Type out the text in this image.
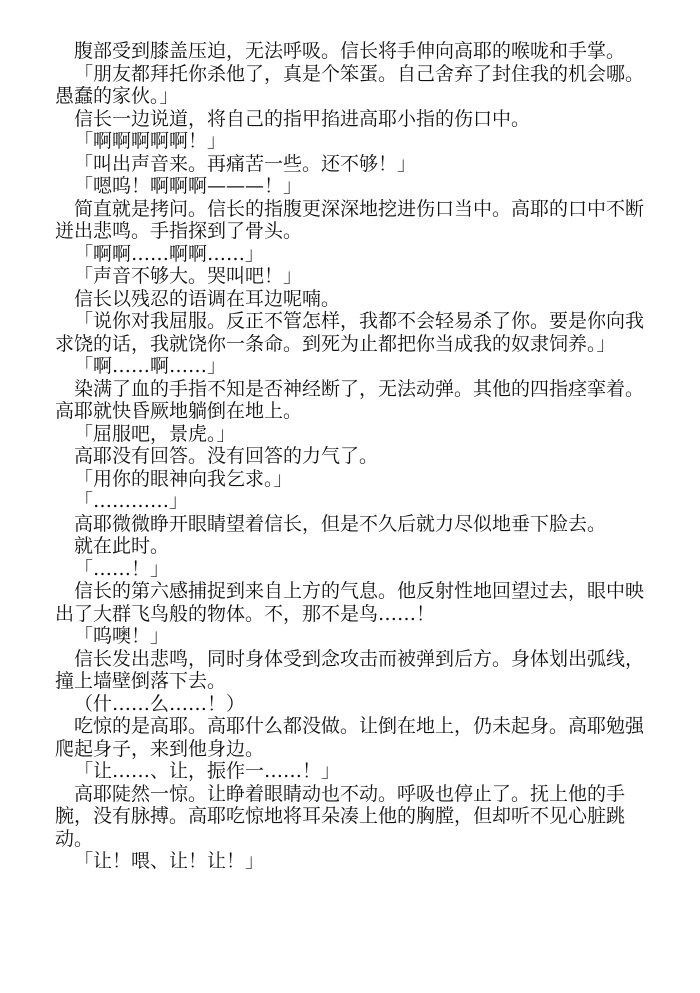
腹部受到膝盖压迫，无法呼吸。信长将手伸向高耶的喉咙和手掌。

「朋友都拜托你杀他了，真是个笨蛋。自己舍弃了封住我的机会哪。愚蠢的家伙。」

信长一边说道，将自己的指甲掐进高耶小指的伤口中。

「啊啊啊啊啊！」

「叫出声音来。再痛苦一些。还不够！」

「嗯呜！啊啊啊———！」

简直就是拷问。信长的指腹更深深地挖进伤口当中。高耶的口中不断迸出悲鸣。手指探到了骨头。

「啊啊……啊啊……」

「声音不够大。哭叫吧！」

信长以残忍的语调在耳边呢喃。

「说你对我屈服。反正不管怎样，我都不会轻易杀了你。要是你向我求饶的话，我就饶你一条命。到死为止都把你当成我的奴隶饲养。」

「啊……啊……」

染满了血的手指不知是否神经断了，无法动弹。其他的四指痉挛着。高耶就快昏厥地躺倒在地上。

「屈服吧，景虎。」

高耶没有回答。没有回答的力气了。

「用你的眼神向我乞求。」

「…………」

高耶微微睁开眼睛望着信长，但是不久后就力尽似地垂下脸去。

就在此时。

「……！」

信长的第六感捕捉到来自上方的气息。他反射性地回望过去，眼中映出了大群飞鸟般的物体。不，那不是鸟……！

「呜噢！」

信长发出悲鸣，同时身体受到念攻击而被弹到后方。身体划出弧线，撞上墙壁倒落下去。

（什……么……！）

吃惊的是高耶。高耶什么都没做。让倒在地上，仍未起身。高耶勉强爬起身子，来到他身边。

「让……、让，振作一……！」

高耶陡然一惊。让睁着眼睛动也不动。呼吸也停止了。抚上他的手腕，没有脉搏。高耶吃惊地将耳朵凑上他的胸膛，但却听不见心脏跳动。

「让！喂、让！让！」
